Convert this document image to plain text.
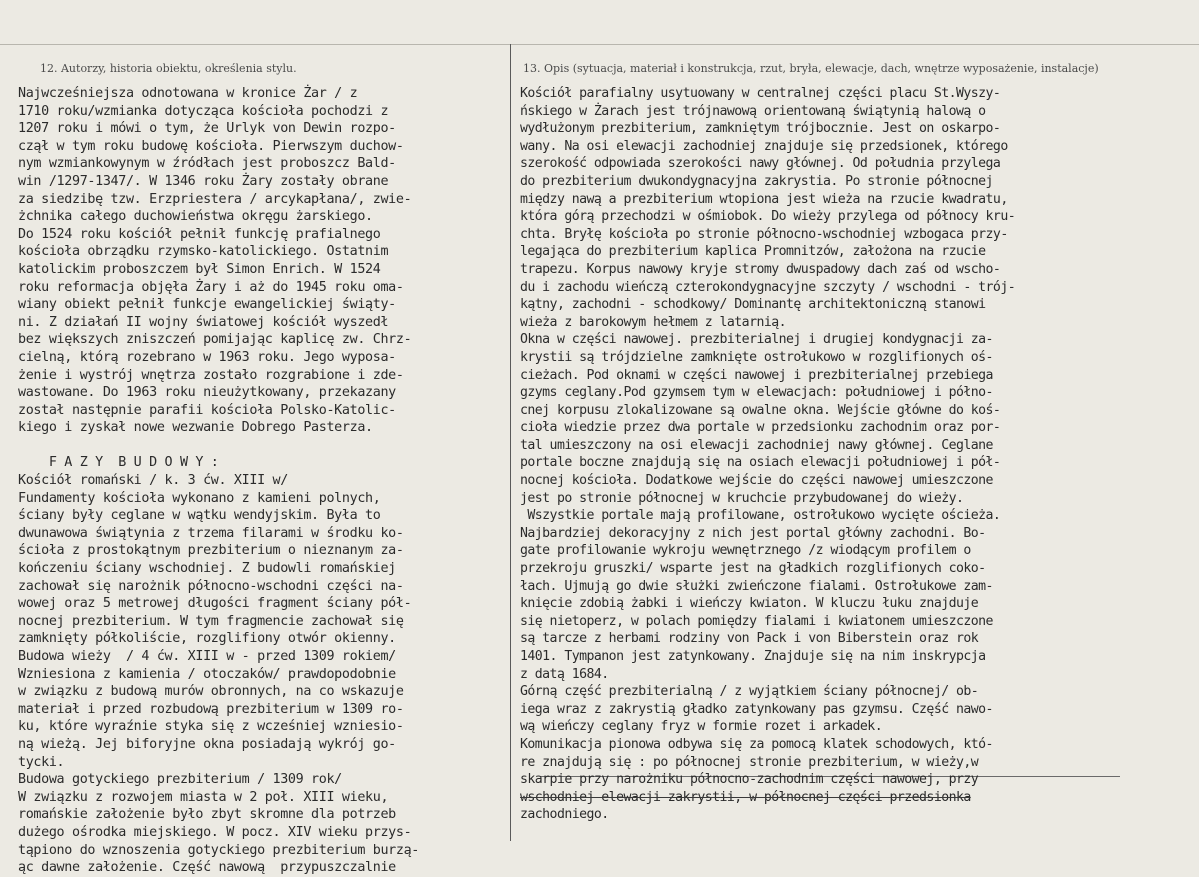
12. Autorzy, historia obiektu, określenia stylu.	13. Opis (sytuacja, materiał i konstrukcja, rzut, bryła, elewacje, dach, wnętrze wyposażenie, instalacje)
Najwcześniejsza odnotowana w kronice Żar / z
1710 roku/wzmianka dotycząca kościoła pochodzi z
1207 roku i mówi o tym, że Urlyk von Dewin rozpo-
czął w tym roku budowę kościoła. Pierwszym duchow-
nym wzmiankowynym w źródłach jest proboszcz Bald-
win /1297-1347/. W 1346 roku Żary zostały obrane
za siedzibę tzw. Erzpriestera / arcykapłana/, zwie-
żchnika całego duchowieństwa okręgu żarskiego.
Do 1524 roku kościół pełnił funkcję prafialnego
kościoła obrządku rzymsko-katolickiego. Ostatnim
katolickim proboszczem był Simon Enrich. W 1524
roku reformacja objęła Żary i aż do 1945 roku oma-
wiany obiekt pełnił funkcje ewangelickiej świąty-
ni. Z działań II wojny światowej kościół wyszedł
bez większych zniszczeń pomijając kaplicę zw. Chrz-
cielną, którą rozebrano w 1963 roku. Jego wyposa-
żenie i wystrój wnętrza zostało rozgrabione i zde-
wastowane. Do 1963 roku nieużytkowany, przekazany
został następnie parafii kościoła Polsko-Katolic-
kiego i zyskał nowe wezwanie Dobrego Pasterza.
F A Z Y  B U D O W Y :
Kościół romański / k. 3 ćw. XIII w/
Fundamenty kościoła wykonano z kamieni polnych,
ściany były ceglane w wątku wendyjskim. Była to
dwunawowa świątynia z trzema filarami w środku ko-
ścioła z prostokątnym prezbiterium o nieznanym za-
kończeniu ściany wschodniej. Z budowli romańskiej
zachował się narożnik północno-wschodni części na-
wowej oraz 5 metrowej długości fragment ściany pół-
nocnej prezbiterium. W tym fragmencie zachował się
zamknięty półkoliście, rozglifiony otwór okienny.
Budowa wieży  / 4 ćw. XIII w - przed 1309 rokiem/
Wzniesiona z kamienia / otoczaków/ prawdopodobnie
w związku z budową murów obronnych, na co wskazuje
materiał i przed rozbudową prezbiterium w 1309 ro-
ku, które wyraźnie styka się z wcześniej wzniesio-
ną wieżą. Jej biforyjne okna posiadają wykrój go-
tycki.
Budowa gotyckiego prezbiterium / 1309 rok/
W związku z rozwojem miasta w 2 poł. XIII wieku,
romańskie założenie było zbyt skromne dla potrzeb
dużego ośrodka miejskiego. W pocz. XIV wieku przys-
tąpiono do wznoszenia gotyckiego prezbiterium burzą-
ąc dawne założenie. Część nawową  przypuszczalnie
Kościół parafialny usytuowany w centralnej części placu St.Wyszy-
ńskiego w Żarach jest trójnawową orientowaną świątynią halową o
wydłużonym prezbiterium, zamkniętym trójbocznie. Jest on oskarpo-
wany. Na osi elewacji zachodniej znajduje się przedsionek, którego
szerokość odpowiada szerokości nawy głównej. Od południa przylega
do prezbiterium dwukondygnacyjna zakrystia. Po stronie północnej
między nawą a prezbiterium wtopiona jest wieża na rzucie kwadratu,
która górą przechodzi w ośmiobok. Do wieży przylega od północy kru-
chta. Bryłę kościoła po stronie północno-wschodniej wzbogaca przy-
legająca do prezbiterium kaplica Promnitzów, założona na rzucie
trapezu. Korpus nawowy kryje stromy dwuspadowy dach zaś od wscho-
du i zachodu wieńczą czterokondygnacyjne szczyty / wschodni - trój-
kątny, zachodni - schodkowy/ Dominantę architektoniczną stanowi
wieża z barokowym hełmem z latarnią.
Okna w części nawowej. prezbiterialnej i drugiej kondygnacji za-
krystii są trójdzielne zamknięte ostrołukowo w rozglifionych oś-
cieżach. Pod oknami w części nawowej i prezbiterialnej przebiega
gzyms ceglany.Pod gzymsem tym w elewacjach: południowej i półno-
cnej korpusu zlokalizowane są owalne okna. Wejście główne do koś-
cioła wiedzie przez dwa portale w przedsionku zachodnim oraz por-
tal umieszczony na osi elewacji zachodniej nawy głównej. Ceglane
portale boczne znajdują się na osiach elewacji południowej i pół-
nocnej kościoła. Dodatkowe wejście do części nawowej umieszczone
jest po stronie północnej w kruchcie przybudowanej do wieży.
Wszystkie portale mają profilowane, ostrołukowo wycięte ościeża.
Najbardziej dekoracyjny z nich jest portal główny zachodni. Bo-
gate profilowanie wykroju wewnętrznego /z wiodącym profilem o
przekroju gruszki/ wsparte jest na gładkich rozglifionych coko-
łach. Ujmują go dwie służki zwieńczone fialami. Ostrołukowe zam-
knięcie zdobią żabki i wieńczy kwiaton. W kluczu łuku znajduje
się nietoperz, w polach pomiędzy fialami i kwiatonem umieszczone
są tarcze z herbami rodziny von Pack i von Biberstein oraz rok
1401. Tympanon jest zatynkowany. Znajduje się na nim inskrypcja
z datą 1684.
Górną część prezbiterialną / z wyjątkiem ściany północnej/ ob-
iega wraz z zakrystią gładko zatynkowany pas gzymsu. Część nawo-
wą wieńczy ceglany fryz w formie rozet i arkadek.
Komunikacja pionowa odbywa się za pomocą klatek schodowych, któ-
re znajdują się : po północnej stronie prezbiterium, w wieży,w
skarpie przy narożniku północno-zachodnim części nawowej, przy
wschodniej elewacji zakrystii, w północnej części przedsionka
zachodniego.
